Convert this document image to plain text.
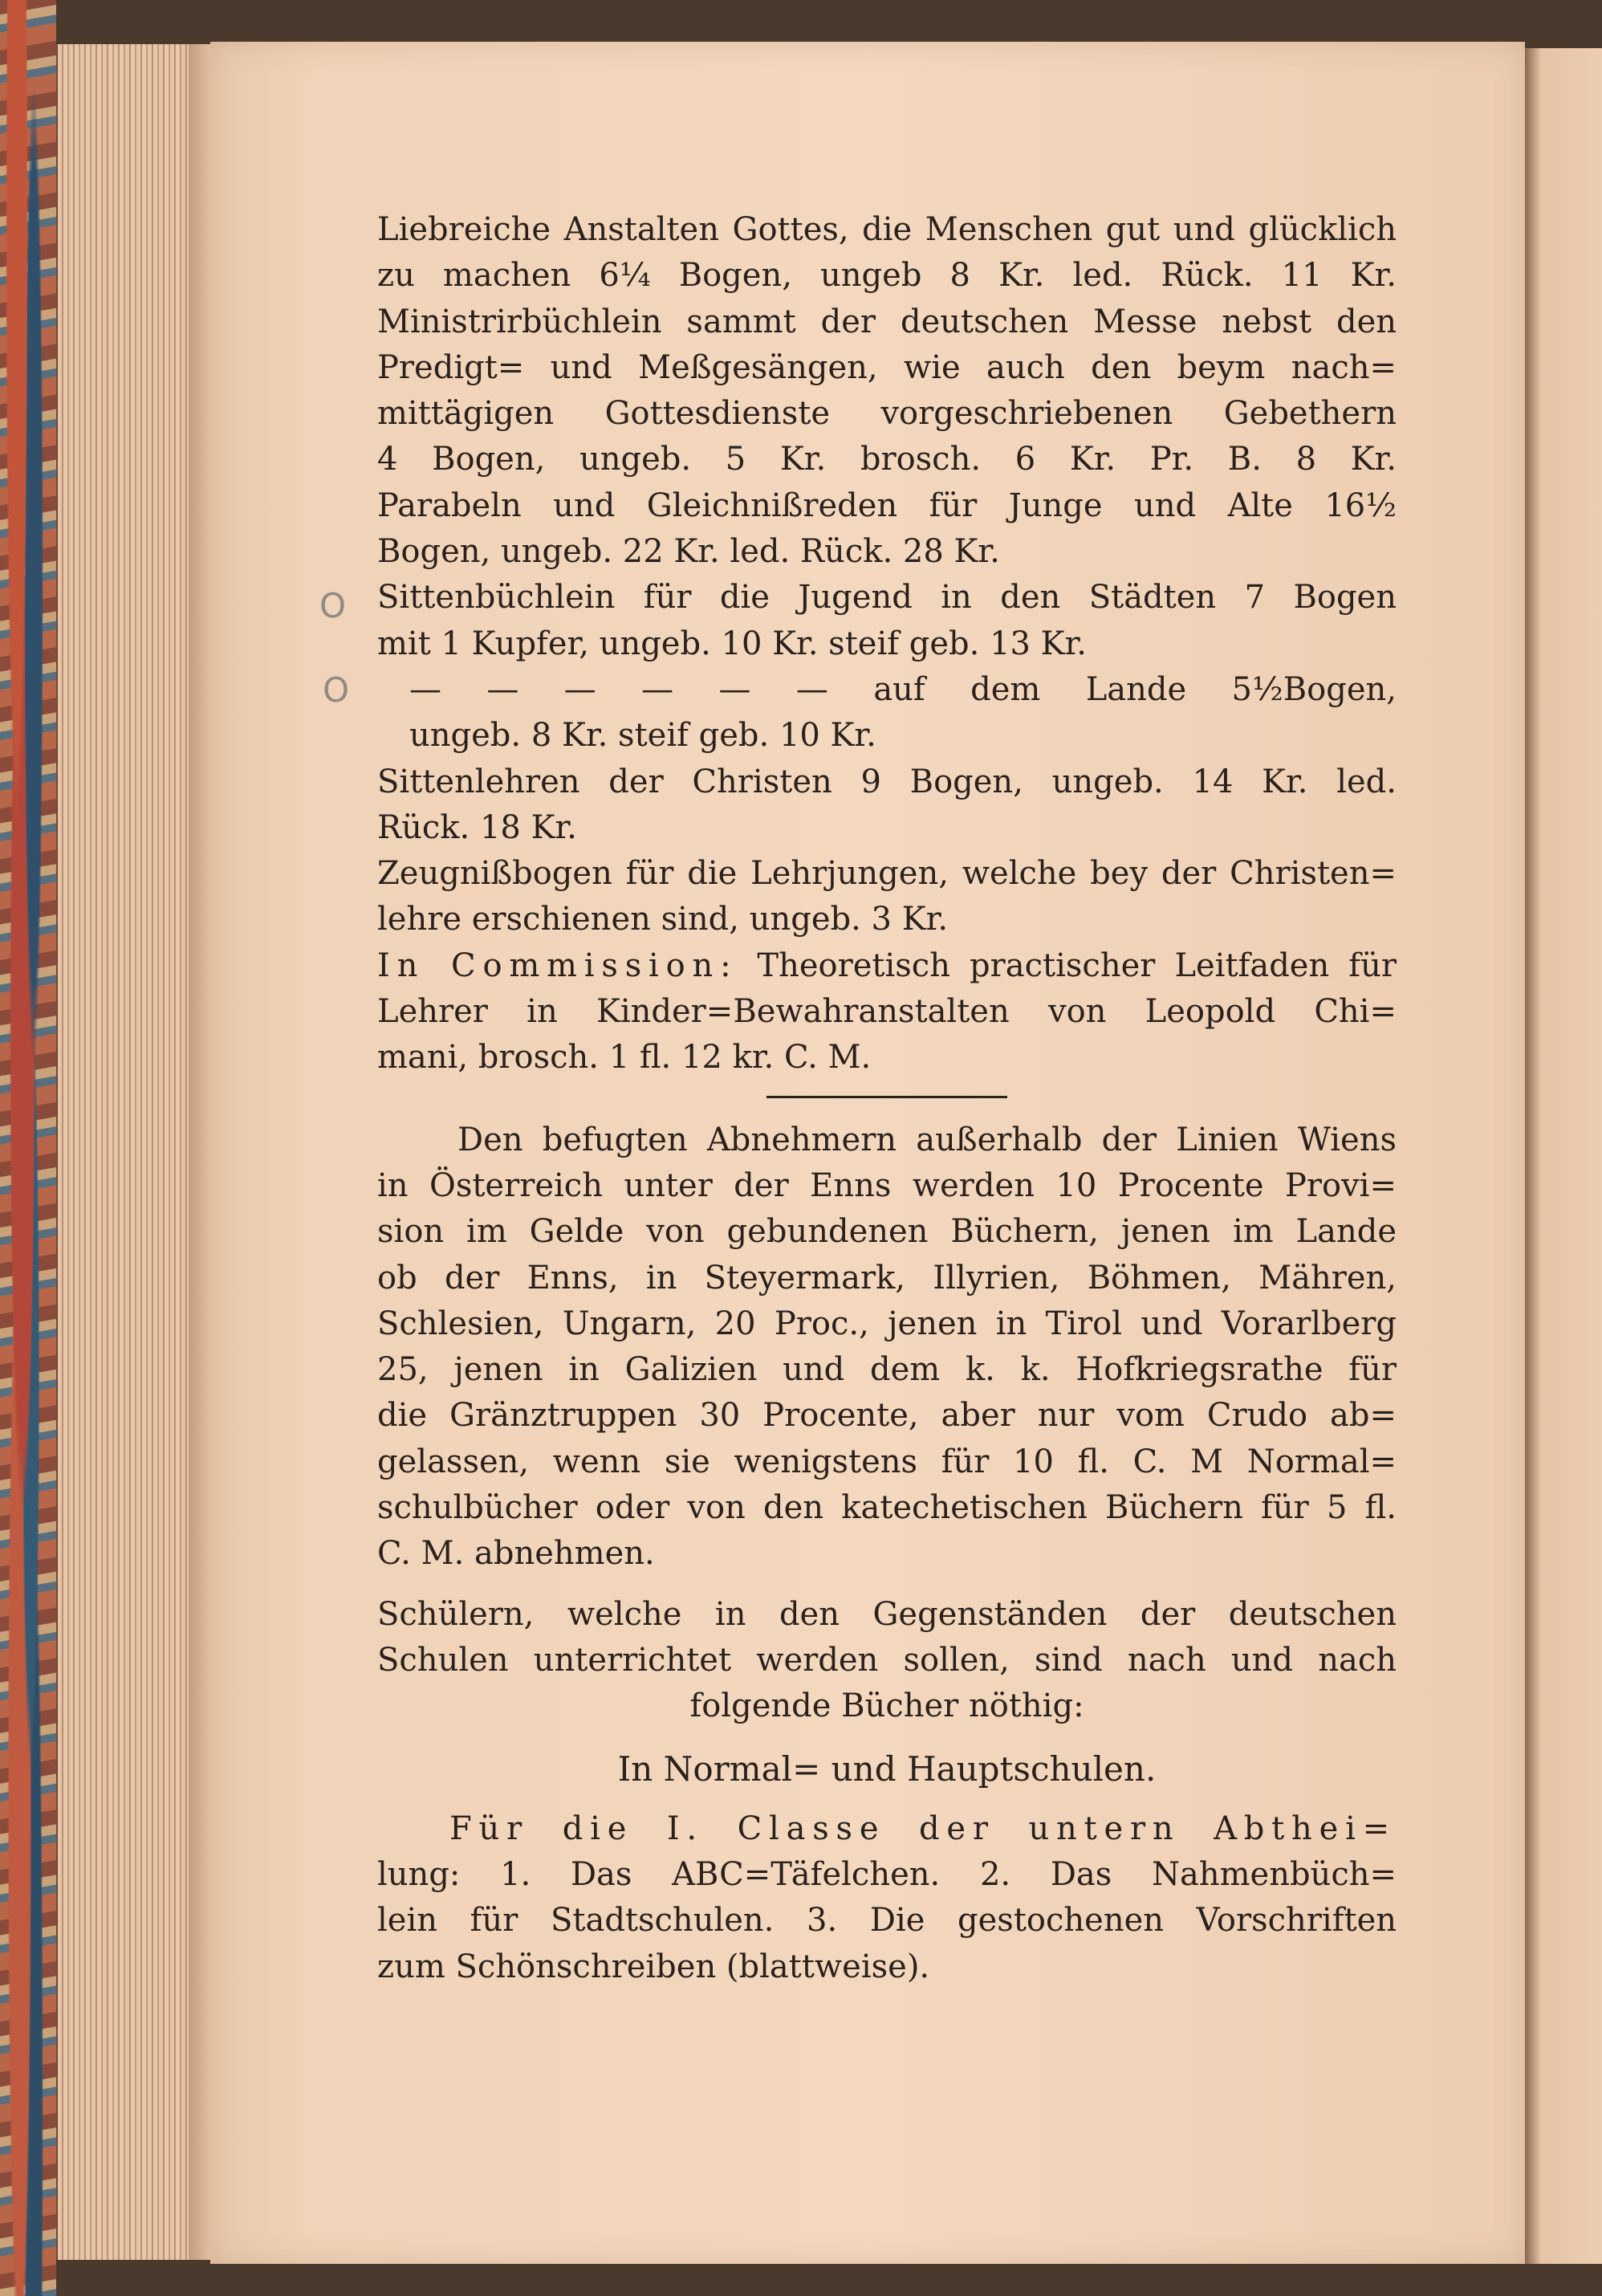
O
O
Liebreiche Anstalten Gottes, die Menschen gut und glücklich
zu machen 6¼ Bogen, ungeb 8 Kr. led. Rück. 11 Kr.
Ministrirbüchlein sammt der deutschen Messe nebst den
Predigt= und Meßgesängen, wie auch den beym nach=
mittägigen Gottesdienste vorgeschriebenen Gebethern
4 Bogen, ungeb. 5 Kr. brosch. 6 Kr. Pr. B. 8 Kr.
Parabeln und Gleichnißreden für Junge und Alte 16½
Bogen, ungeb. 22 Kr. led. Rück. 28 Kr.
Sittenbüchlein für die Jugend in den Städten 7 Bogen
mit 1 Kupfer, ungeb. 10 Kr. steif geb. 13 Kr.
— — — — — — auf dem Lande 5½Bogen,
ungeb. 8 Kr. steif geb. 10 Kr.
Sittenlehren der Christen 9 Bogen, ungeb. 14 Kr. led.
Rück. 18 Kr.
Zeugnißbogen für die Lehrjungen, welche bey der Christen=
lehre erschienen sind, ungeb. 3 Kr.
In Commission: Theoretisch practischer Leitfaden für
Lehrer in Kinder=Bewahranstalten von Leopold Chi=
mani, brosch. 1 fl. 12 kr. C. M.
Den befugten Abnehmern außerhalb der Linien Wiens
in Österreich unter der Enns werden 10 Procente Provi=
sion im Gelde von gebundenen Büchern, jenen im Lande
ob der Enns, in Steyermark, Illyrien, Böhmen, Mähren,
Schlesien, Ungarn, 20 Proc., jenen in Tirol und Vorarlberg
25, jenen in Galizien und dem k. k. Hofkriegsrathe für
die Gränztruppen 30 Procente, aber nur vom Crudo ab=
gelassen, wenn sie wenigstens für 10 fl. C. M Normal=
schulbücher oder von den katechetischen Büchern für 5 fl.
C. M. abnehmen.
Schülern, welche in den Gegenständen der deutschen
Schulen unterrichtet werden sollen, sind nach und nach
folgende Bücher nöthig:
In Normal= und Hauptschulen.
Für die I. Classe der untern Abthei=
lung: 1. Das ABC=Täfelchen. 2. Das Nahmenbüch=
lein für Stadtschulen. 3. Die gestochenen Vorschriften
zum Schönschreiben (blattweise).
